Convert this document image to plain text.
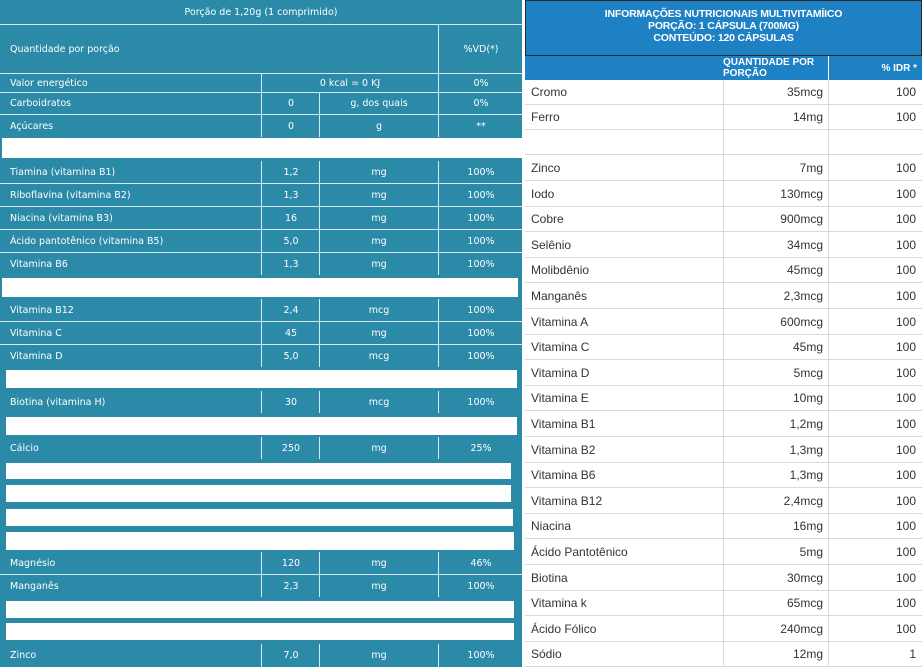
Porção de 1,20g (1 comprimido)
Quantidade por porção	%VD(*)
Valor energético	0 kcal = 0 KJ	0%
Carboidratos	0	g, dos quais	0%
Açúcares	0	g	**
Tiamina (vitamina B1)	1,2	mg	100%
Riboflavina (vitamina B2)	1,3	mg	100%
Niacina (vitamina B3)	16	mg	100%
Ácido pantotênico (vitamina B5)	5,0	mg	100%
Vitamina B6	1,3	mg	100%
Vitamina B12	2,4	mcg	100%
Vitamina C	45	mg	100%
Vitamina D	5,0	mcg	100%
Biotina (vitamina H)	30	mcg	100%
Cálcio	250	mg	25%
Magnésio	120	mg	46%
Manganês	2,3	mg	100%
Zinco	7,0	mg	100%
INFORMAÇÕES NUTRICIONAIS MULTIVITAMÍICO
PORÇÃO: 1 CÁPSULA (700MG)
CONTEÚDO: 120 CÁPSULAS
QUANTIDADE POR PORÇÃO	% IDR *
Cromo	35mcg	100
Ferro	14mg	100
Zinco	7mg	100
Iodo	130mcg	100
Cobre	900mcg	100
Selênio	34mcg	100
Molibdênio	45mcg	100
Manganês	2,3mcg	100
Vitamina A	600mcg	100
Vitamina C	45mg	100
Vitamina D	5mcg	100
Vitamina E	10mg	100
Vitamina B1	1,2mg	100
Vitamina B2	1,3mg	100
Vitamina B6	1,3mg	100
Vitamina B12	2,4mcg	100
Niacina	16mg	100
Ácido Pantotênico	5mg	100
Biotina	30mcg	100
Vitamina k	65mcg	100
Ácido Fólico	240mcg	100
Sódio	12mg	1
